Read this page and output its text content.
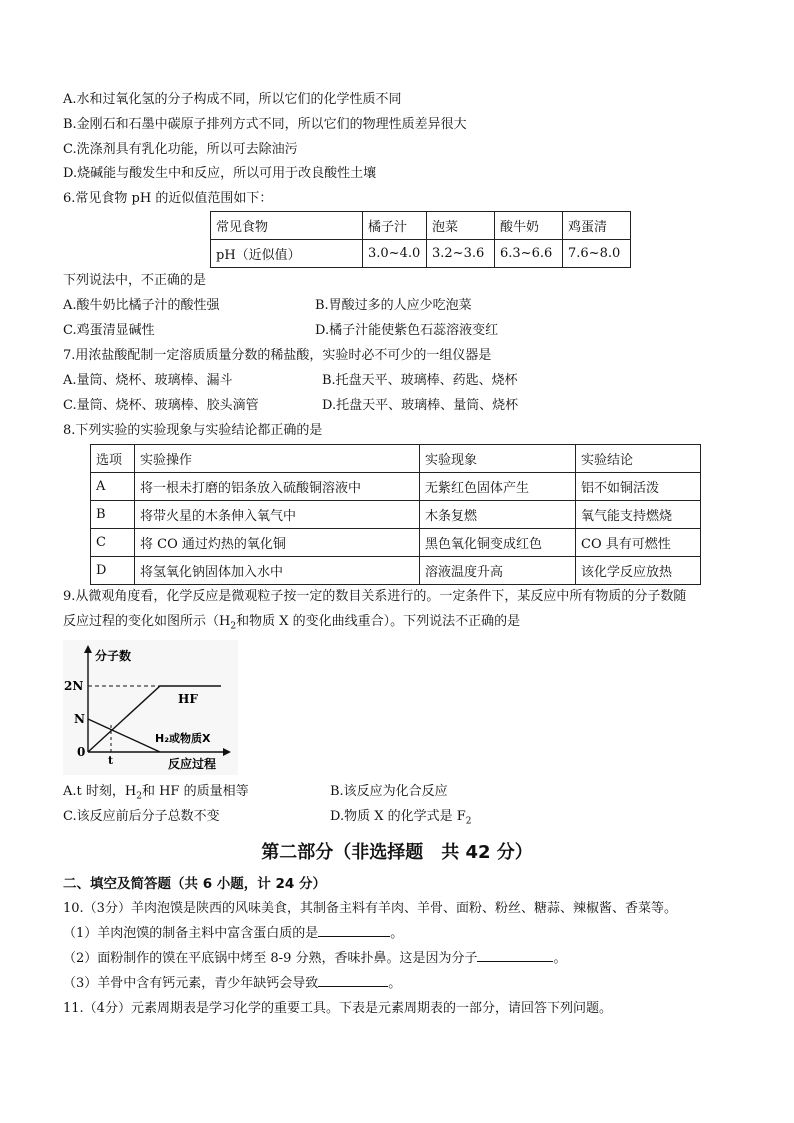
A.水和过氧化氢的分子构成不同，所以它们的化学性质不同
B.金刚石和石墨中碳原子排列方式不同，所以它们的物理性质差异很大
C.洗涤剂具有乳化功能，所以可去除油污
D.烧碱能与酸发生中和反应，所以可用于改良酸性土壤
6.常见食物 pH 的近似值范围如下：
常见食物	橘子汁	泡菜	酸牛奶	鸡蛋清
pH（近似值）	3.0~4.0	3.2~3.6	6.3~6.6	7.6~8.0
下列说法中，不正确的是
A.酸牛奶比橘子汁的酸性强	B.胃酸过多的人应少吃泡菜
C.鸡蛋清显碱性	D.橘子汁能使紫色石蕊溶液变红
7.用浓盐酸配制一定溶质质量分数的稀盐酸，实验时必不可少的一组仪器是
A.量筒、烧杯、玻璃棒、漏斗	B.托盘天平、玻璃棒、药匙、烧杯
C.量筒、烧杯、玻璃棒、胶头滴管	D.托盘天平、玻璃棒、量筒、烧杯
8.下列实验的实验现象与实验结论都正确的是
选项	实验操作	实验现象	实验结论
A	将一根未打磨的铝条放入硫酸铜溶液中	无紫红色固体产生	铝不如铜活泼
B	将带火星的木条伸入氧气中	木条复燃	氧气能支持燃烧
C	将 CO 通过灼热的氧化铜	黑色氧化铜变成红色	CO 具有可燃性
D	将氢氧化钠固体加入水中	溶液温度升高	该化学反应放热
9.从微观角度看，化学反应是微观粒子按一定的数目关系进行的。一定条件下，某反应中所有物质的分子数随
反应过程的变化如图所示（$H_2$和物质 X 的变化曲线重合）。下列说法不正确的是
分子数
2N
N
0
t
HF
H₂或物质X
反应过程
A.t 时刻，$H_2$和 HF 的质量相等	B.该反应为化合反应
C.该反应前后分子总数不变	D.物质 X 的化学式是 $F_2$
第二部分（非选择题　共 42 分）
二、填空及简答题（共 6 小题，计 24 分）
10.（3分）羊肉泡馍是陕西的风味美食，其制备主料有羊肉、羊骨、面粉、粉丝、糖蒜、辣椒酱、香菜等。
（1）羊肉泡馍的制备主料中富含蛋白质的是	。
（2）面粉制作的馍在平底锅中烤至 8-9 分熟，香味扑鼻。这是因为分子	。
（3）羊骨中含有钙元素，青少年缺钙会导致	。
11.（4分）元素周期表是学习化学的重要工具。下表是元素周期表的一部分，请回答下列问题。
